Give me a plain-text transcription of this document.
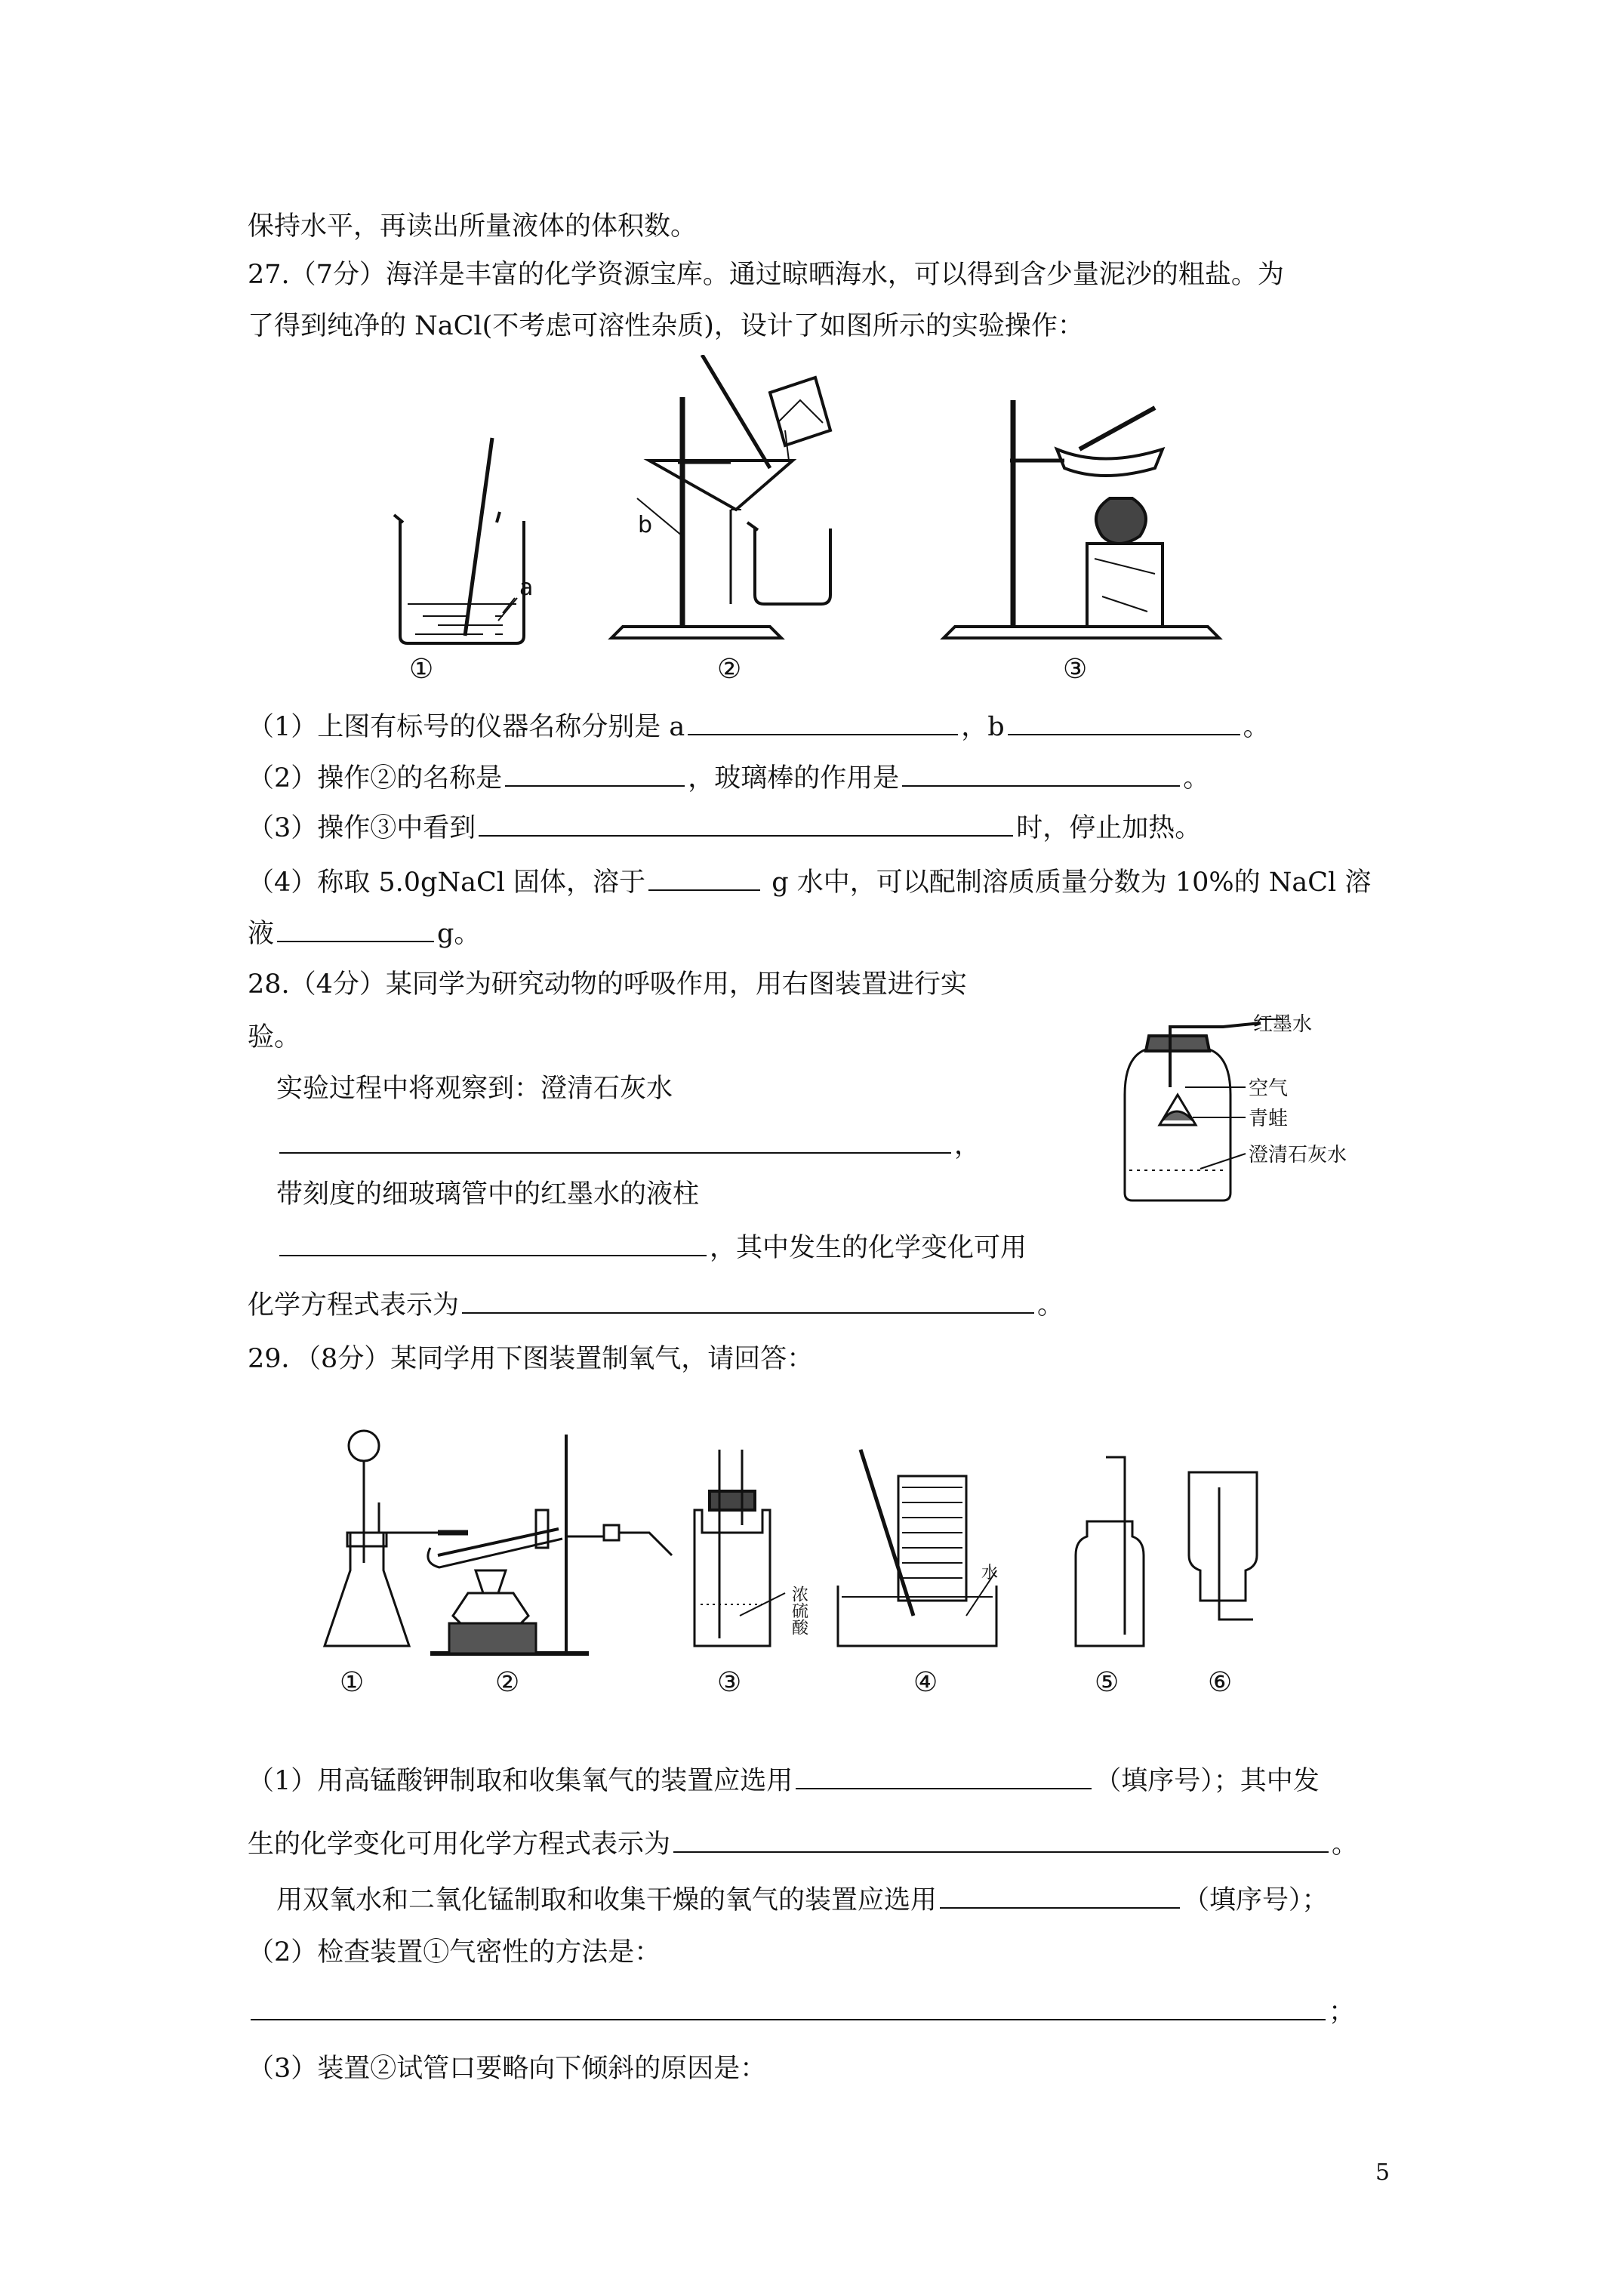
保持水平，再读出所量液体的体积数。
27.（7分）海洋是丰富的化学资源宝库。通过晾晒海水，可以得到含少量泥沙的粗盐。为
了得到纯净的 NaCl(不考虑可溶性杂质)，设计了如图所示的实验操作：
a
①
b
②	③
（1）上图有标号的仪器名称分别是 a	，b	。
（2）操作②的名称是	，玻璃棒的作用是	。
（3）操作③中看到	时，停止加热。
（4）称取 5.0gNaCl 固体，溶于	g 水中，可以配制溶质质量分数为 10%的 NaCl 溶
液	g。
28.（4分）某同学为研究动物的呼吸作用，用右图装置进行实
验。
实验过程中将观察到：澄清石灰水
，
带刻度的细玻璃管中的红墨水的液柱
，其中发生的化学变化可用
化学方程式表示为	。
红墨水
空气
青蛙
澄清石灰水
29．（8分）某同学用下图装置制氧气，请回答：
浓硫酸
水
①	②	③	④	⑤	⑥
（1）用高锰酸钾制取和收集氧气的装置应选用	（填序号）；其中发
生的化学变化可用化学方程式表示为	。
用双氧水和二氧化锰制取和收集干燥的氧气的装置应选用	（填序号）；
（2）检查装置①气密性的方法是：
；
（3）装置②试管口要略向下倾斜的原因是：
5
